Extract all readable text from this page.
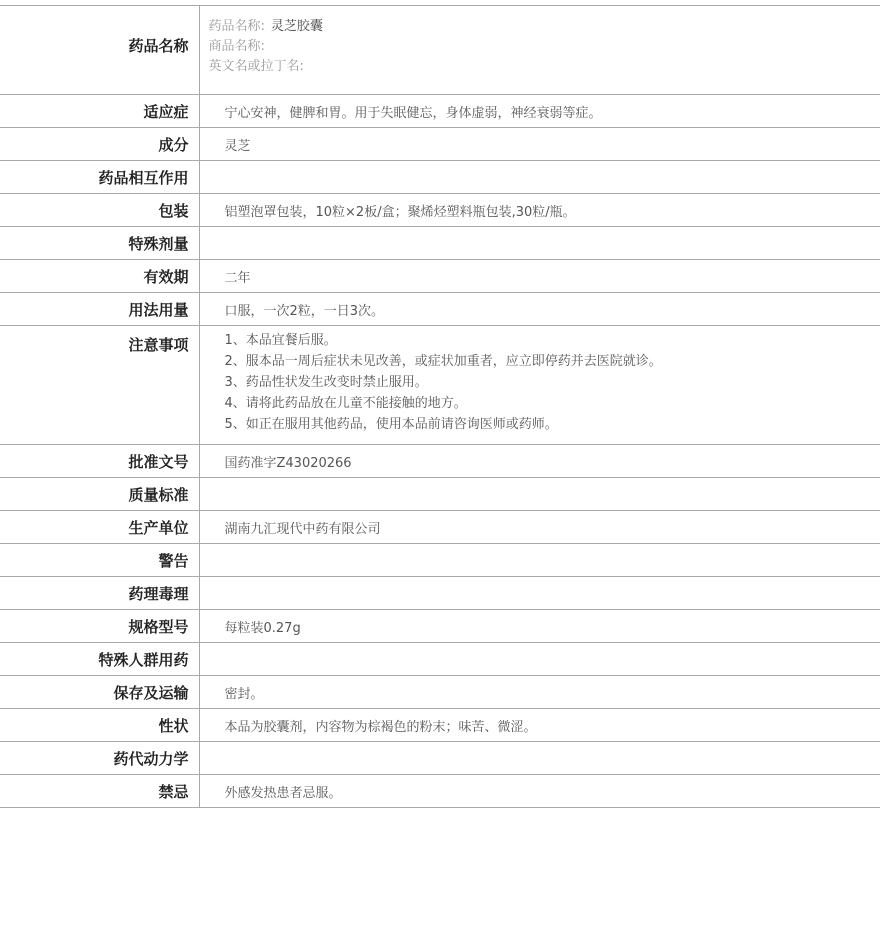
药品名称	药品名称: 灵芝胶囊
商品名称:
英文名或拉丁名:

适应症	宁心安神，健脾和胃。用于失眠健忘，身体虚弱，神经衰弱等症。
成分	灵芝
药品相互作用	
包装	铝塑泡罩包装，10粒×2板/盒；聚烯烃塑料瓶包装,30粒/瓶。
特殊剂量	
有效期	二年
用法用量	口服，一次2粒，一日3次。
注意事项	1、本品宜餐后服。
2、服本品一周后症状未见改善，或症状加重者，应立即停药并去医院就诊。
3、药品性状发生改变时禁止服用。
4、请将此药品放在儿童不能接触的地方。
5、如正在服用其他药品，使用本品前请咨询医师或药师。

批准文号	国药准字Z43020266
质量标准	
生产单位	湖南九汇现代中药有限公司
警告	
药理毒理	
规格型号	每粒装0.27g
特殊人群用药	
保存及运输	密封。
性状	本品为胶囊剂，内容物为棕褐色的粉末；味苦、微涩。
药代动力学	
禁忌	外感发热患者忌服。
